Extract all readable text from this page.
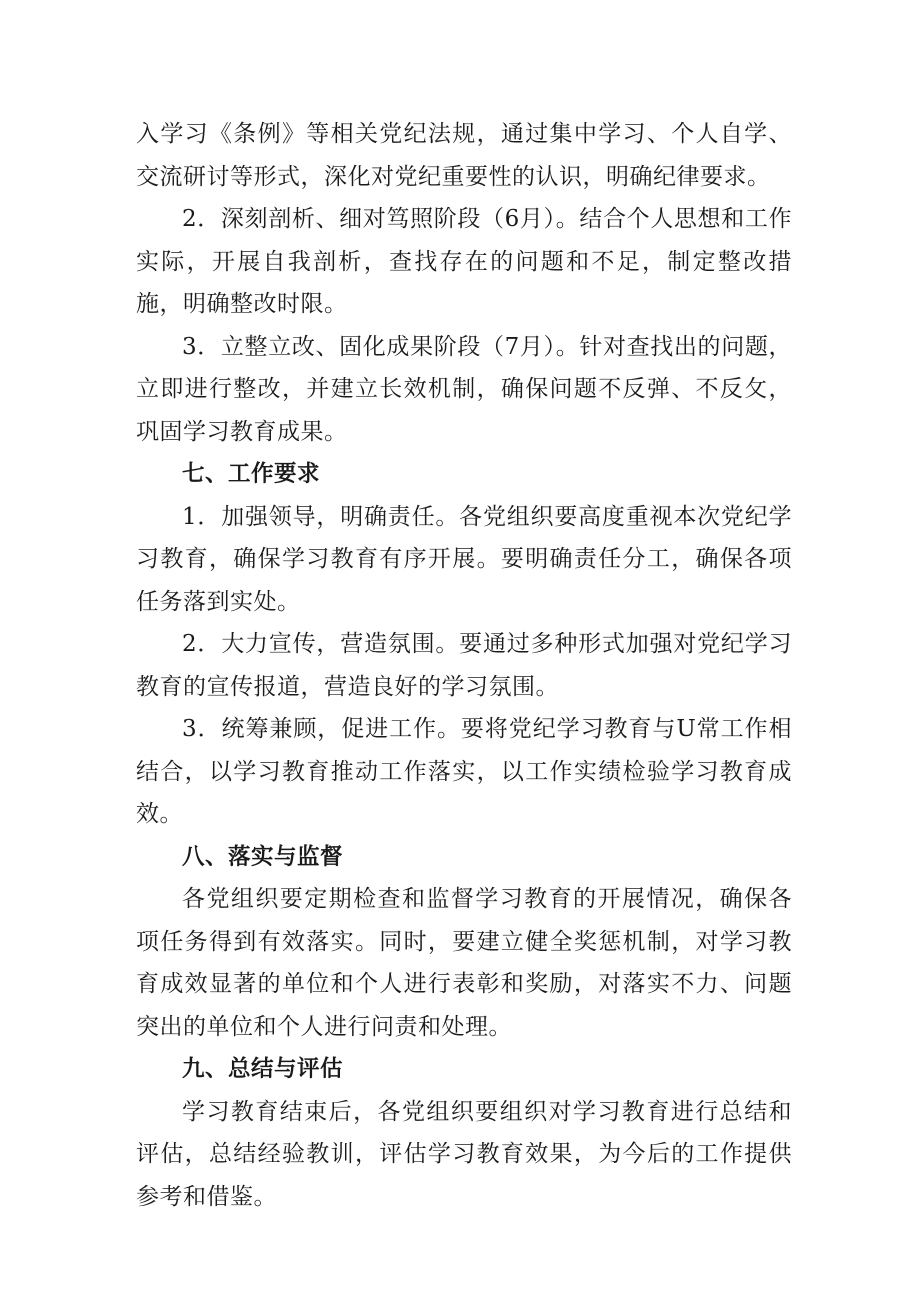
入学习《条例》等相关党纪法规，通过集中学习、个人自学、交流研讨等形式，深化对党纪重要性的认识，明确纪律要求。

2．深刻剖析、细对笃照阶段（6月）。结合个人思想和工作实际，开展自我剖析，查找存在的问题和不足，制定整改措施，明确整改时限。

3．立整立改、固化成果阶段（7月）。针对查找出的问题，立即进行整改，并建立长效机制，确保问题不反弹、不反攵，巩固学习教育成果。

七、工作要求

1．加强领导，明确责任。各党组织要高度重视本次党纪学习教育，确保学习教育有序开展。要明确责任分工，确保各项任务落到实处。

2．大力宣传，营造氛围。要通过多种形式加强对党纪学习教育的宣传报道，营造良好的学习氛围。

3．统筹兼顾，促进工作。要将党纪学习教育与U常工作相结合，以学习教育推动工作落实，以工作实绩检验学习教育成效。

八、落实与监督

各党组织要定期检查和监督学习教育的开展情况，确保各项任务得到有效落实。同时，要建立健全奖惩机制，对学习教育成效显著的单位和个人进行表彰和奖励，对落实不力、问题突出的单位和个人进行问责和处理。

九、总结与评估

学习教育结束后，各党组织要组织对学习教育进行总结和评估，总结经验教训，评估学习教育效果，为今后的工作提供参考和借鉴。
